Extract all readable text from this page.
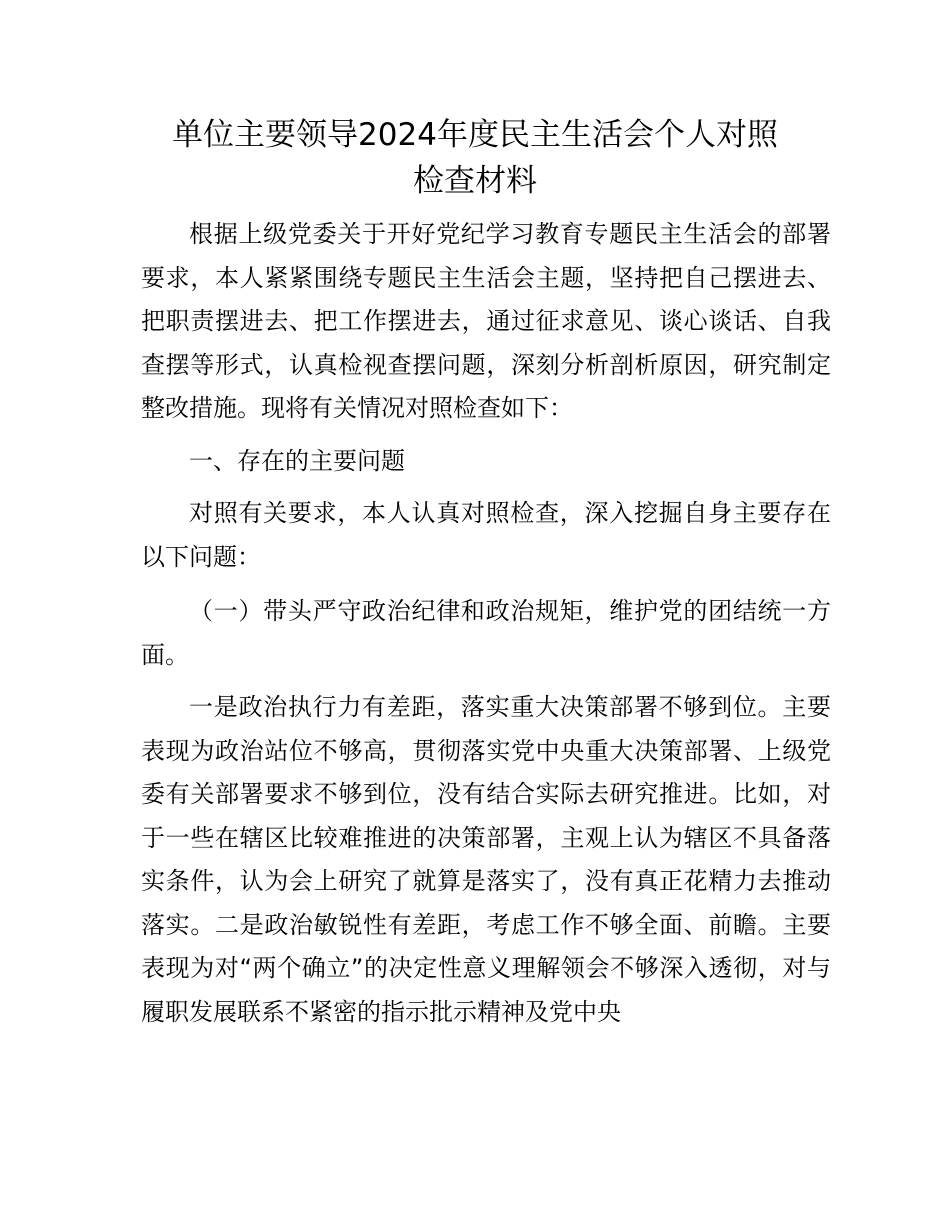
单位主要领导2024年度民主生活会个人对照
检查材料

根据上级党委关于开好党纪学习教育专题民主生活会的部署要求，本人紧紧围绕专题民主生活会主题，坚持把自己摆进去、把职责摆进去、把工作摆进去，通过征求意见、谈心谈话、自我查摆等形式，认真检视查摆问题，深刻分析剖析原因，研究制定整改措施。现将有关情况对照检查如下：

一、存在的主要问题

对照有关要求，本人认真对照检查，深入挖掘自身主要存在以下问题：

（一）带头严守政治纪律和政治规矩，维护党的团结统一方面。

一是政治执行力有差距，落实重大决策部署不够到位。主要表现为政治站位不够高，贯彻落实党中央重大决策部署、上级党委有关部署要求不够到位，没有结合实际去研究推进。比如，对于一些在辖区比较难推进的决策部署，主观上认为辖区不具备落实条件，认为会上研究了就算是落实了，没有真正花精力去推动落实。二是政治敏锐性有差距，考虑工作不够全面、前瞻。主要表现为对“两个确立”的决定性意义理解领会不够深入透彻，对与履职发展联系不紧密的指示批示精神及党中央
